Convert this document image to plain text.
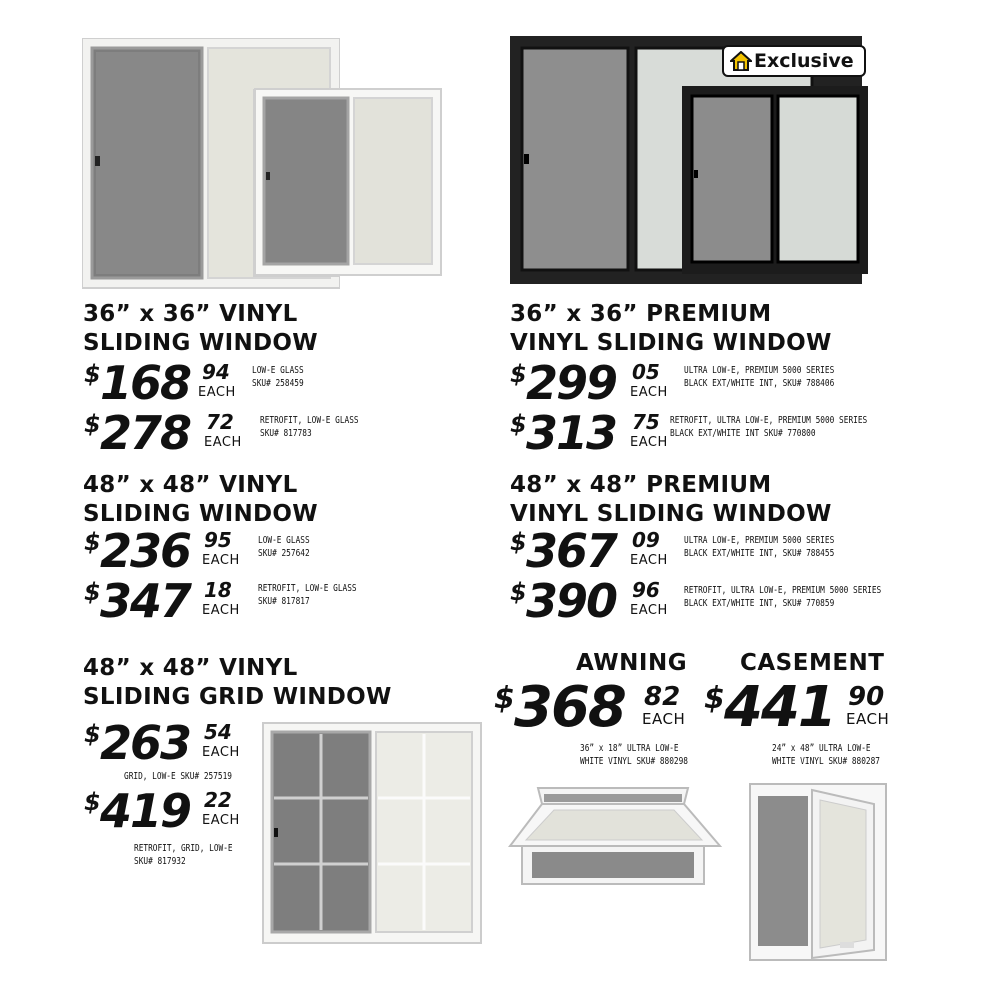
Exclusive
36” x 36” VINYL
SLIDING WINDOW
$ 168 94
EACH
LOW-E GLASS
SKU# 258459
$ 278 72
EACH
RETROFIT, LOW-E GLASS
SKU# 817783
36” x 36” PREMIUM
VINYL SLIDING WINDOW
$ 299 05
EACH
ULTRA LOW-E, PREMIUM 5000 SERIES
BLACK EXT/WHITE INT, SKU# 788406
$ 313 75
EACH
RETROFIT, ULTRA LOW-E, PREMIUM 5000 SERIES
BLACK EXT/WHITE INT SKU# 770800
48” x 48” VINYL
SLIDING WINDOW
$ 236 95
EACH
LOW-E GLASS
SKU# 257642
$ 347 18
EACH
RETROFIT, LOW-E GLASS
SKU# 817817
48” x 48” PREMIUM
VINYL SLIDING WINDOW
$ 367 09
EACH
ULTRA LOW-E, PREMIUM 5000 SERIES
BLACK EXT/WHITE INT, SKU# 788455
$ 390 96
EACH
RETROFIT, ULTRA LOW-E, PREMIUM 5000 SERIES
BLACK EXT/WHITE INT, SKU# 770859
48” x 48” VINYL
SLIDING GRID WINDOW
$ 263 54
EACH
GRID, LOW-E SKU# 257519
$ 419 22
EACH
RETROFIT, GRID, LOW-E
SKU# 817932
AWNING
$ 368 82
EACH
36” x 18” ULTRA LOW-E
WHITE VINYL SKU# 880298
CASEMENT
$ 441 90
EACH
24” x 48” ULTRA LOW-E
WHITE VINYL SKU# 880287
